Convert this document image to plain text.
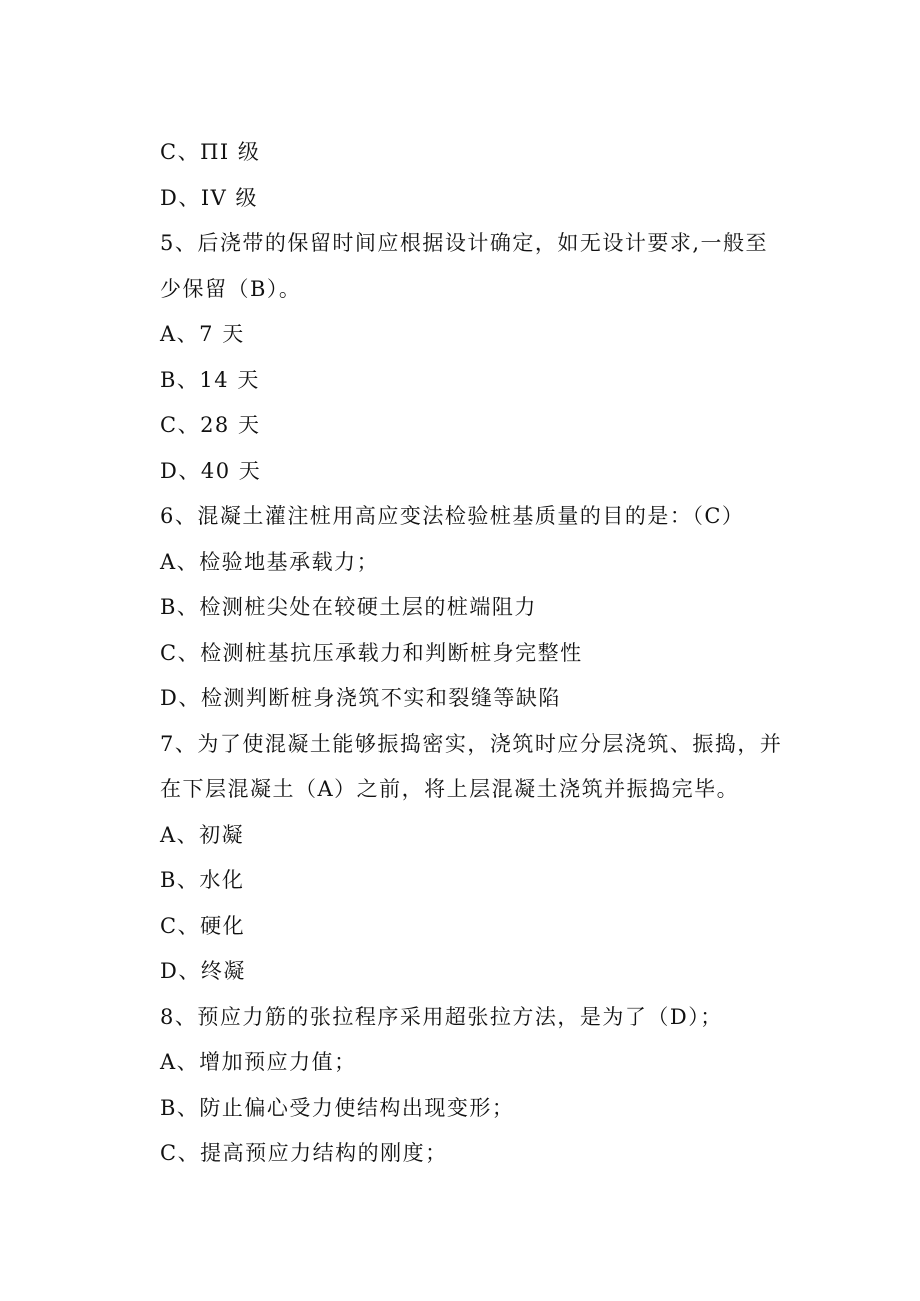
C、ΠI 级
D、IV 级
5、后浇带的保留时间应根据设计确定，如无设计要求,一般至
少保留（B）。
A、7 天
B、14 天
C、28 天
D、40 天
6、混凝土灌注桩用高应变法检验桩基质量的目的是：（C）
A、检验地基承载力；
B、检测桩尖处在较硬土层的桩端阻力
C、检测桩基抗压承载力和判断桩身完整性
D、检测判断桩身浇筑不实和裂缝等缺陷
7、为了使混凝土能够振捣密实，浇筑时应分层浇筑、振捣，并
在下层混凝土（A）之前，将上层混凝土浇筑并振捣完毕。
A、初凝
B、水化
C、硬化
D、终凝
8、预应力筋的张拉程序采用超张拉方法，是为了（D）；
A、增加预应力值；
B、防止偏心受力使结构出现变形；
C、提高预应力结构的刚度；
